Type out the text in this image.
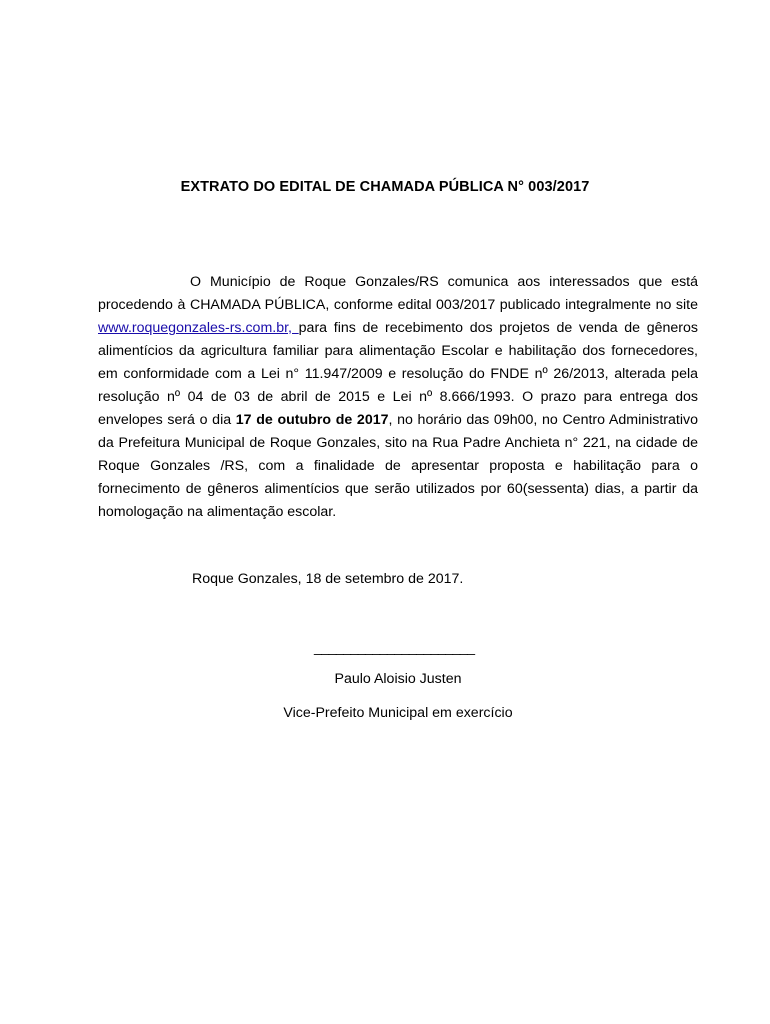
EXTRATO DO EDITAL DE CHAMADA PÚBLICA N° 003/2017
O Município de Roque Gonzales/RS comunica aos interessados que está procedendo à CHAMADA PÚBLICA, conforme edital 003/2017 publicado integralmente no site www.roquegonzales-rs.com.br, para fins de recebimento dos projetos de venda de gêneros alimentícios da agricultura familiar para alimentação Escolar e habilitação dos fornecedores, em conformidade com a Lei n° 11.947/2009 e resolução do FNDE nº 26/2013, alterada pela resolução nº 04 de 03 de abril de 2015 e Lei nº 8.666/1993. O prazo para entrega dos envelopes será o dia 17 de outubro de 2017, no horário das 09h00, no Centro Administrativo da Prefeitura Municipal de Roque Gonzales, sito na Rua Padre Anchieta n° 221, na cidade de Roque Gonzales /RS, com a finalidade de apresentar proposta e habilitação para o fornecimento de gêneros alimentícios que serão utilizados por 60(sessenta) dias, a partir da homologação na alimentação escolar.
Roque Gonzales, 18 de setembro de 2017.
______________________
Paulo Aloisio Justen
Vice-Prefeito Municipal em exercício
